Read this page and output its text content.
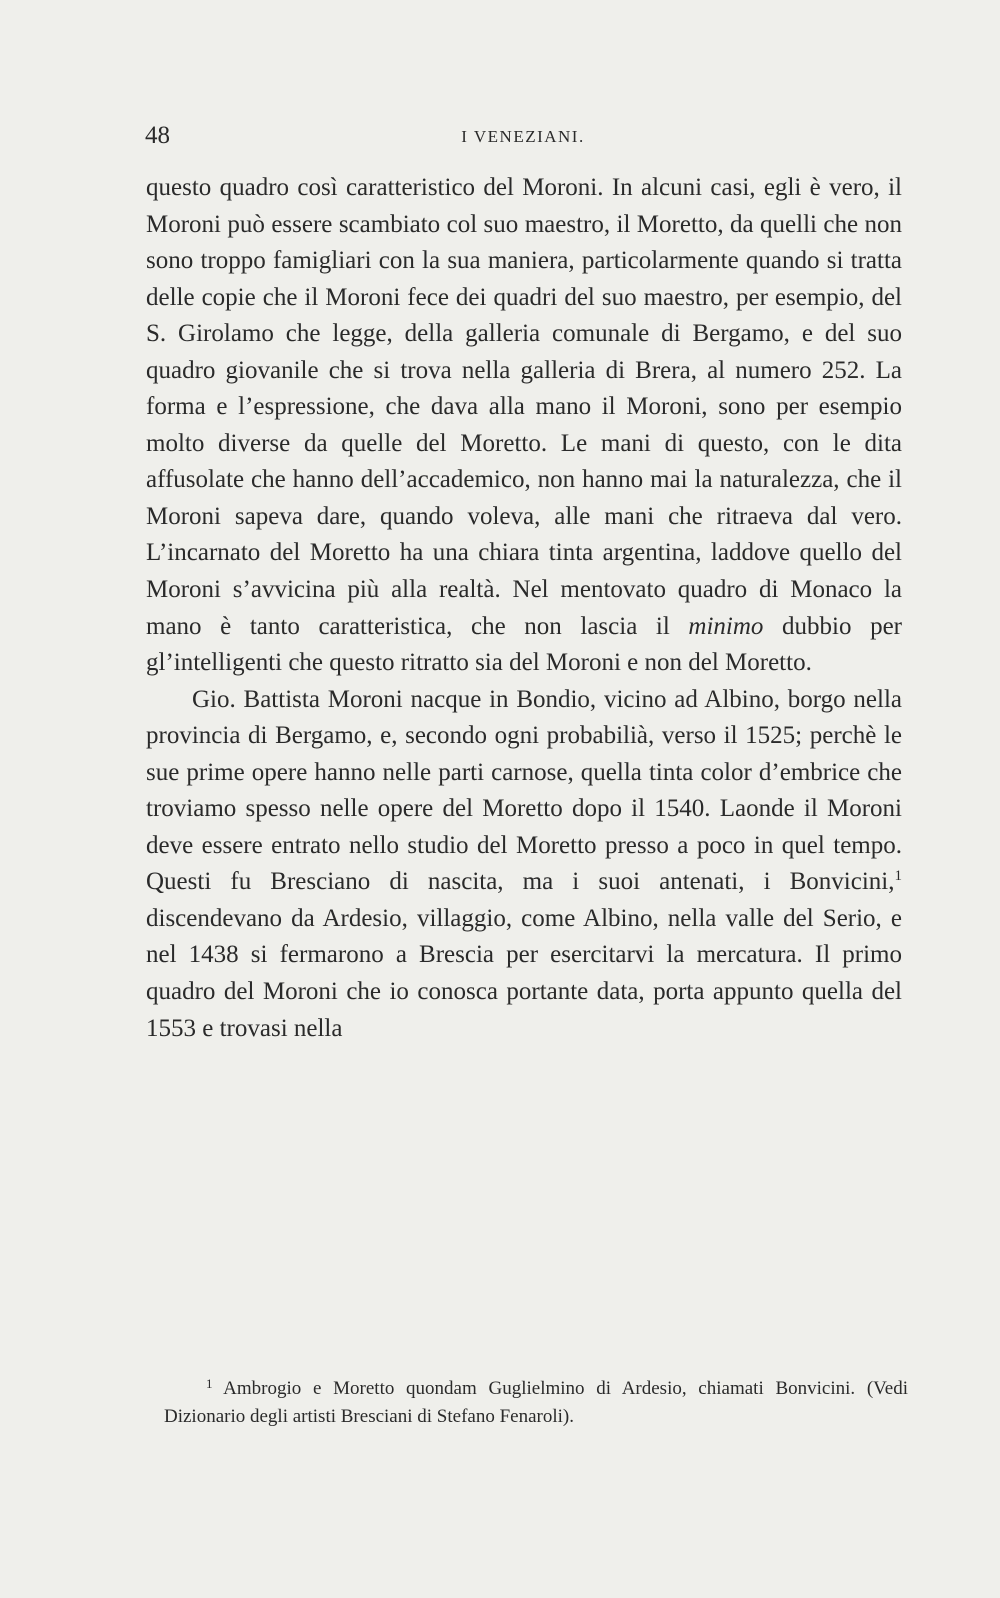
48	I VENEZIANI.

questo quadro così caratteristico del Moroni. In alcuni casi, egli è vero, il Moroni può essere scambiato col suo maestro, il Moretto, da quelli che non sono troppo famigliari con la sua maniera, particolarmente quando si tratta delle copie che il Moroni fece dei quadri del suo maestro, per esempio, del S. Girolamo che legge, della galleria comunale di Bergamo, e del suo quadro giovanile che si trova nella galleria di Brera, al numero 252. La forma e l’espressione, che dava alla mano il Moroni, sono per esempio molto diverse da quelle del Moretto. Le mani di questo, con le dita affusolate che hanno dell’accademico, non hanno mai la naturalezza, che il Moroni sapeva dare, quando voleva, alle mani che ritraeva dal vero. L’incarnato del Moretto ha una chiara tinta argentina, laddove quello del Moroni s’avvicina più alla realtà. Nel mentovato quadro di Monaco la mano è tanto caratteristica, che non lascia il minimo dubbio per gl’intelligenti che questo ritratto sia del Moroni e non del Moretto.

Gio. Battista Moroni nacque in Bondio, vicino ad Albino, borgo nella provincia di Bergamo, e, secondo ogni probabilià, verso il 1525; perchè le sue prime opere hanno nelle parti carnose, quella tinta color d’embrice che troviamo spesso nelle opere del Moretto dopo il 1540. Laonde il Moroni deve essere entrato nello studio del Moretto presso a poco in quel tempo. Questi fu Bresciano di nascita, ma i suoi antenati, i Bonvicini,$^1$ discendevano da Ardesio, villaggio, come Albino, nella valle del Serio, e nel 1438 si fermarono a Brescia per esercitarvi la mercatura. Il primo quadro del Moroni che io conosca portante data, porta appunto quella del 1553 e trovasi nella

$^1$ Ambrogio e Moretto quondam Guglielmino di Ardesio, chiamati Bonvicini. (Vedi Dizionario degli artisti Bresciani di Stefano Fenaroli).
